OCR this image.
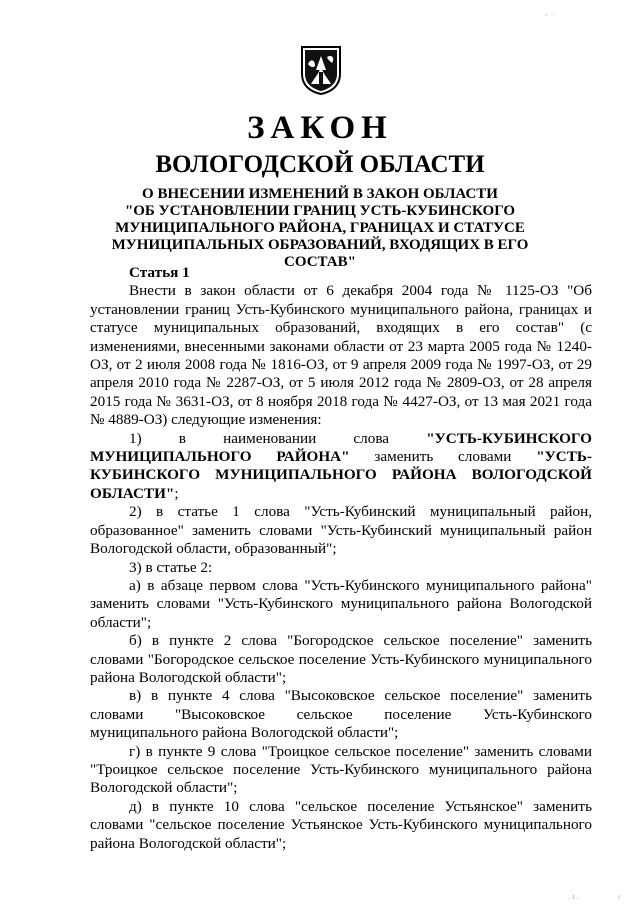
, .
ЗАКОН
ВОЛОГОДСКОЙ ОБЛАСТИ
О ВНЕСЕНИИ ИЗМЕНЕНИЙ В ЗАКОН ОБЛАСТИ
"ОБ УСТАНОВЛЕНИИ ГРАНИЦ УСТЬ-КУБИНСКОГО
МУНИЦИПАЛЬНОГО РАЙОНА, ГРАНИЦАХ И СТАТУСЕ
МУНИЦИПАЛЬНЫХ ОБРАЗОВАНИЙ, ВХОДЯЩИХ В ЕГО СОСТАВ"

Статья 1

Внести в закон области от 6 декабря 2004 года № 1125-ОЗ "Об установлении границ Усть-Кубинского муниципального района, границах и статусе муниципальных образований, входящих в его состав" (с изменениями, внесенными законами области от 23 марта 2005 года № 1240-ОЗ, от 2 июля 2008 года № 1816-ОЗ, от 9 апреля 2009 года № 1997-ОЗ, от 29 апреля 2010 года № 2287-ОЗ, от 5 июля 2012 года № 2809-ОЗ, от 28 апреля 2015 года № 3631-ОЗ, от 8 ноября 2018 года № 4427-ОЗ, от 13 мая 2021 года № 4889-ОЗ) следующие изменения:

1) в наименовании слова "УСТЬ-КУБИНСКОГО МУНИЦИПАЛЬНОГО РАЙОНА" заменить словами "УСТЬ-КУБИНСКОГО МУНИЦИПАЛЬНОГО РАЙОНА ВОЛОГОДСКОЙ ОБЛАСТИ";

2) в статье 1 слова "Усть-Кубинский муниципальный район, образованное" заменить словами "Усть-Кубинский муниципальный район Вологодской области, образованный";

3) в статье 2:

а) в абзаце первом слова "Усть-Кубинского муниципального района" заменить словами "Усть-Кубинского муниципального района Вологодской области";

б) в пункте 2 слова "Богородское сельское поселение" заменить словами "Богородское сельское поселение Усть-Кубинского муниципального района Вологодской области";

в) в пункте 4 слова "Высоковское сельское поселение" заменить словами "Высоковское сельское поселение Усть-Кубинского муниципального района Вологодской области";

г) в пункте 9 слова "Троицкое сельское поселение" заменить словами "Троицкое сельское поселение Усть-Кубинского муниципального района Вологодской области";

д) в пункте 10 слова "сельское поселение Устьянское" заменить словами "сельское поселение Устьянское Усть-Кубинского муниципального района Вологодской области";

. ı .	ı
